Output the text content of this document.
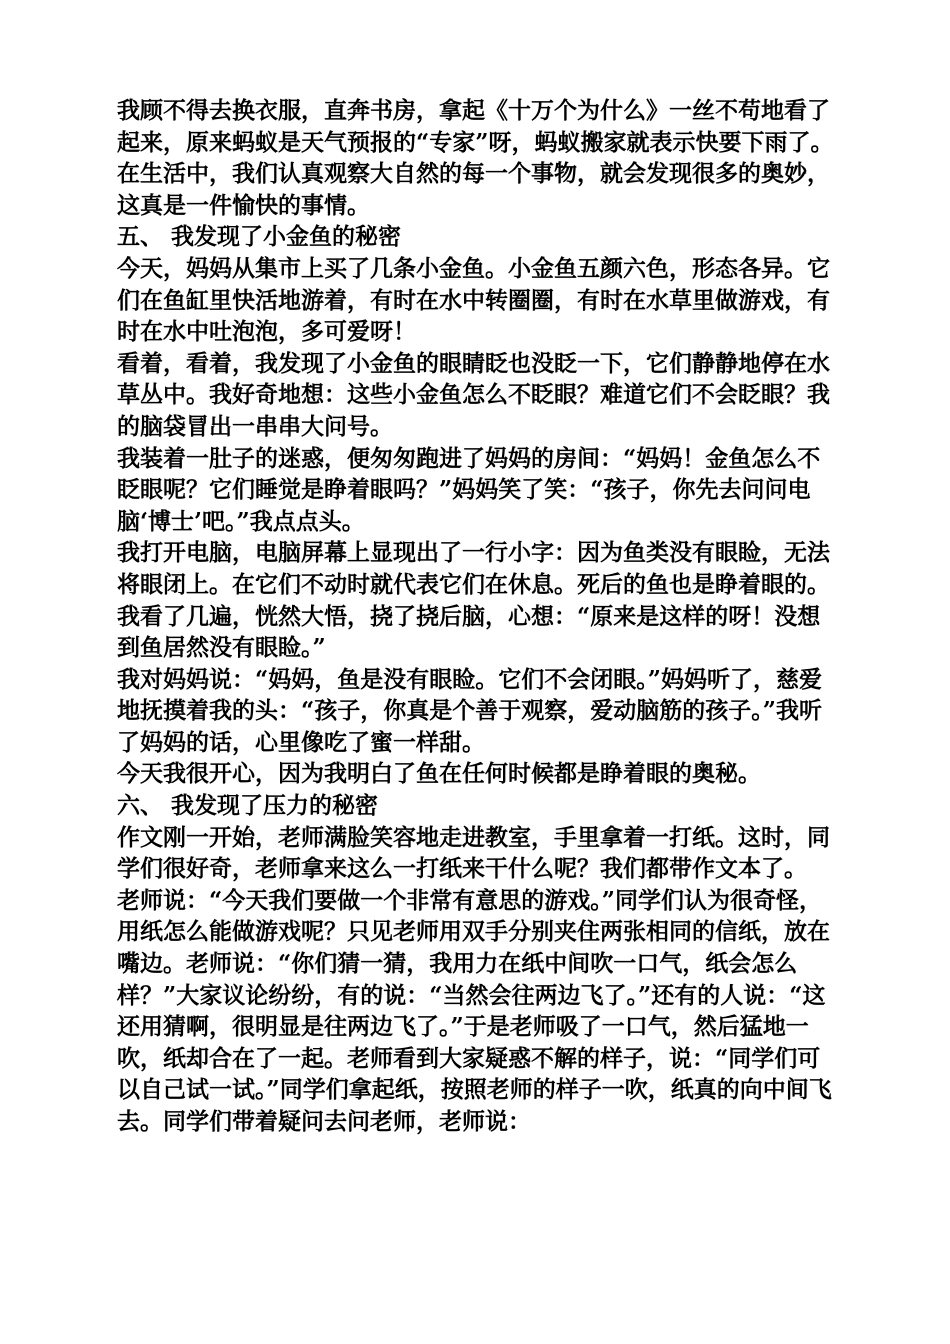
我顾不得去换衣服，直奔书房，拿起《十万个为什么》一丝不苟地看了起来，原来蚂蚁是天气预报的“专家”呀，蚂蚁搬家就表示快要下雨了。

在生活中，我们认真观察大自然的每一个事物，就会发现很多的奥妙，这真是一件愉快的事情。

五、 我发现了小金鱼的秘密

今天，妈妈从集市上买了几条小金鱼。小金鱼五颜六色，形态各异。它们在鱼缸里快活地游着，有时在水中转圈圈，有时在水草里做游戏，有时在水中吐泡泡，多可爱呀！

看着，看着，我发现了小金鱼的眼睛眨也没眨一下，它们静静地停在水草丛中。我好奇地想：这些小金鱼怎么不眨眼？难道它们不会眨眼？我的脑袋冒出一串串大问号。

我装着一肚子的迷惑，便匆匆跑进了妈妈的房间：“妈妈！金鱼怎么不眨眼呢？它们睡觉是睁着眼吗？”妈妈笑了笑：“孩子，你先去问问电脑‘博士’吧。”我点点头。

我打开电脑，电脑屏幕上显现出了一行小字：因为鱼类没有眼睑，无法将眼闭上。在它们不动时就代表它们在休息。死后的鱼也是睁着眼的。我看了几遍，恍然大悟，挠了挠后脑，心想：“原来是这样的呀！没想到鱼居然没有眼睑。”

我对妈妈说：“妈妈，鱼是没有眼睑。它们不会闭眼。”妈妈听了，慈爱地抚摸着我的头：“孩子，你真是个善于观察，爱动脑筋的孩子。”我听了妈妈的话，心里像吃了蜜一样甜。

今天我很开心，因为我明白了鱼在任何时候都是睁着眼的奥秘。

六、 我发现了压力的秘密

作文刚一开始，老师满脸笑容地走进教室，手里拿着一打纸。这时，同学们很好奇，老师拿来这么一打纸来干什么呢？我们都带作文本了。

老师说：“今天我们要做一个非常有意思的游戏。”同学们认为很奇怪，用纸怎么能做游戏呢？只见老师用双手分别夹住两张相同的信纸，放在嘴边。老师说：“你们猜一猜，我用力在纸中间吹一口气，纸会怎么样？”大家议论纷纷，有的说：“当然会往两边飞了。”还有的人说：“这还用猜啊，很明显是往两边飞了。”于是老师吸了一口气，然后猛地一吹，纸却合在了一起。老师看到大家疑惑不解的样子，说：“同学们可以自己试一试。”同学们拿起纸，按照老师的样子一吹，纸真的向中间飞去。同学们带着疑问去问老师，老师说：
